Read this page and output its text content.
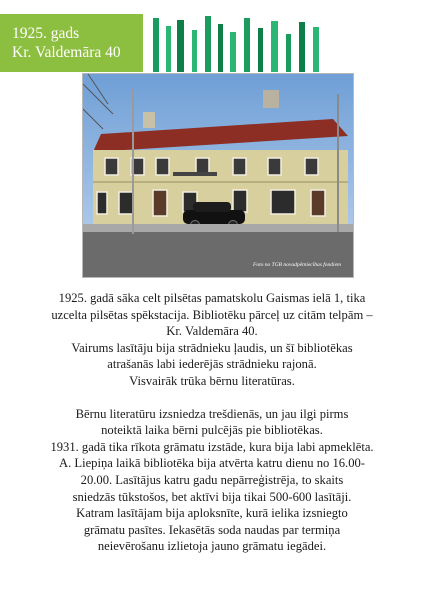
1925. gads
Kr. Valdemāra 40
Foto no TGB novadpētniecības fondiem

1925. gadā sāka celt pilsētas pamatskolu Gaismas ielā 1, tika
uzcelta pilsētas spēkstacija. Bibliotēku pārceļ uz citām telpām –
Kr. Valdemāra 40.
Vairums lasītāju bija strādnieku ļaudis, un šī bibliotēkas
atrašanās labi iederējās strādnieku rajonā.
Visvairāk trūka bērnu literatūras.

Bērnu literatūru izsniedza trešdienās, un jau ilgi pirms
noteiktā laika bērni pulcējās pie bibliotēkas.
1931. gadā tika rīkota grāmatu izstāde, kura bija labi apmeklēta.
A. Liepiņa laikā bibliotēka bija atvērta katru dienu no 16.00-
20.00. Lasītājus katru gadu nepārreģistrēja, to skaits
sniedzās tūkstošos, bet aktīvi bija tikai 500-600 lasītāji.
Katram lasītājam bija aploksnīte, kurā ielika izsniegto
grāmatu pasītes. Iekasētās soda naudas par termiņa
neievērošanu izlietoja jauno grāmatu iegādei.
